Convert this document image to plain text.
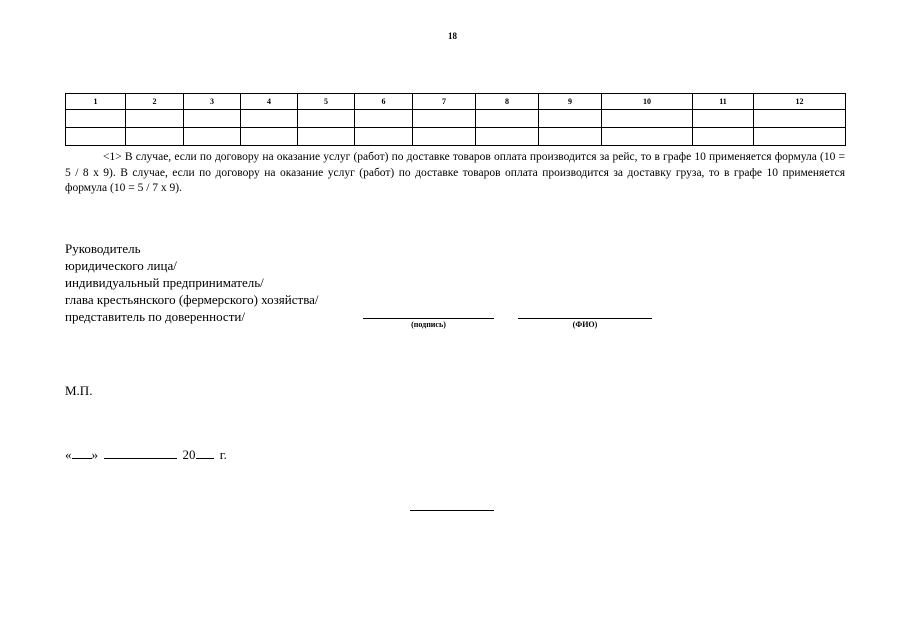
18
1	2	3	4	5	6	7	8	9	10	11	12

<1> В случае, если по договору на оказание услуг (работ) по доставке товаров оплата производится за рейс, то в графе 10 применяется формула (10 = 5 / 8 x 9). В случае, если по договору на оказание услуг (работ) по доставке товаров оплата производится за доставку груза, то в графе 10 применяется формула (10 = 5 / 7 x 9).
Руководитель
юридического лица/
индивидуальный предприниматель/
глава крестьянского (фермерского) хозяйства/
представитель по доверенности/
(подпись)	(ФИО)
М.П.
« »	20 г.
